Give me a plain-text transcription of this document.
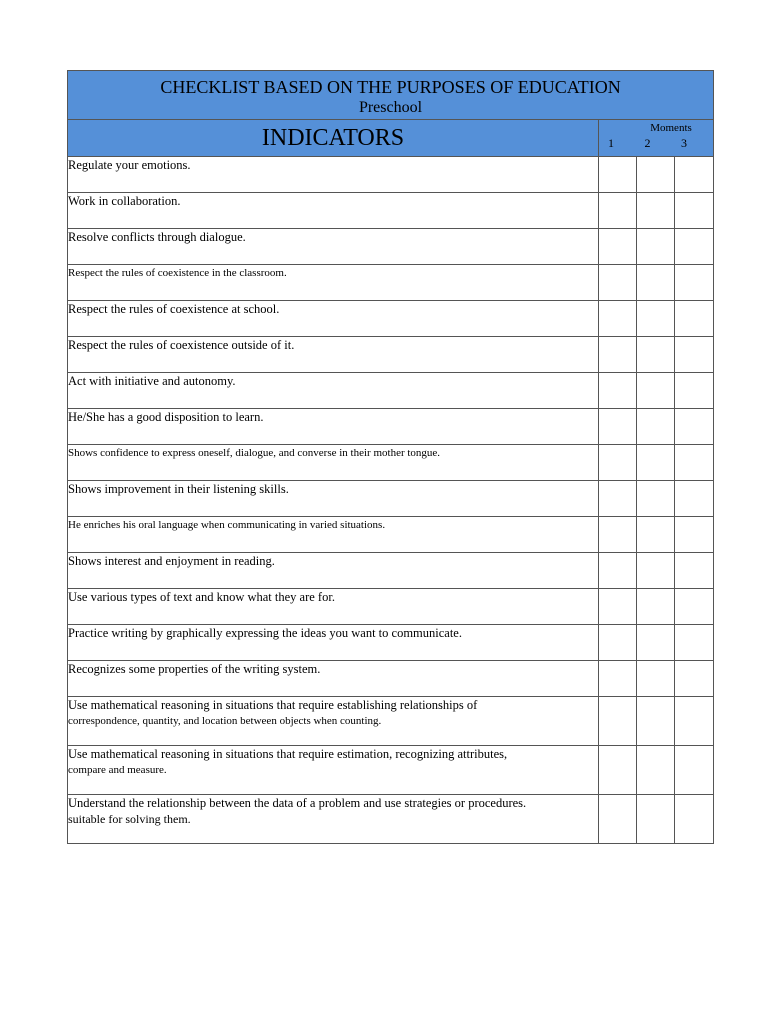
CHECKLIST BASED ON THE PURPOSES OF EDUCATION
Preschool			

INDICATORS	Moments
1 2 3		

Regulate your emotions.			
Work in collaboration.			
Resolve conflicts through dialogue.			
Respect the rules of coexistence in the classroom.			
Respect the rules of coexistence at school.			
Respect the rules of coexistence outside of it.			
Act with initiative and autonomy.			
He/She has a good disposition to learn.			
Shows confidence to express oneself, dialogue, and converse in their mother tongue.			
Shows improvement in their listening skills.			
He enriches his oral language when communicating in varied situations.			
Shows interest and enjoyment in reading.			
Use various types of text and know what they are for.			
Practice writing by graphically expressing the ideas you want to communicate.			
Recognizes some properties of the writing system.			

Use mathematical reasoning in situations that require establishing relationships of
correspondence, quantity, and location between objects when counting.			

Use mathematical reasoning in situations that require estimation, recognizing attributes,
compare and measure.			

Understand the relationship between the data of a problem and use strategies or procedures.
suitable for solving them.			
